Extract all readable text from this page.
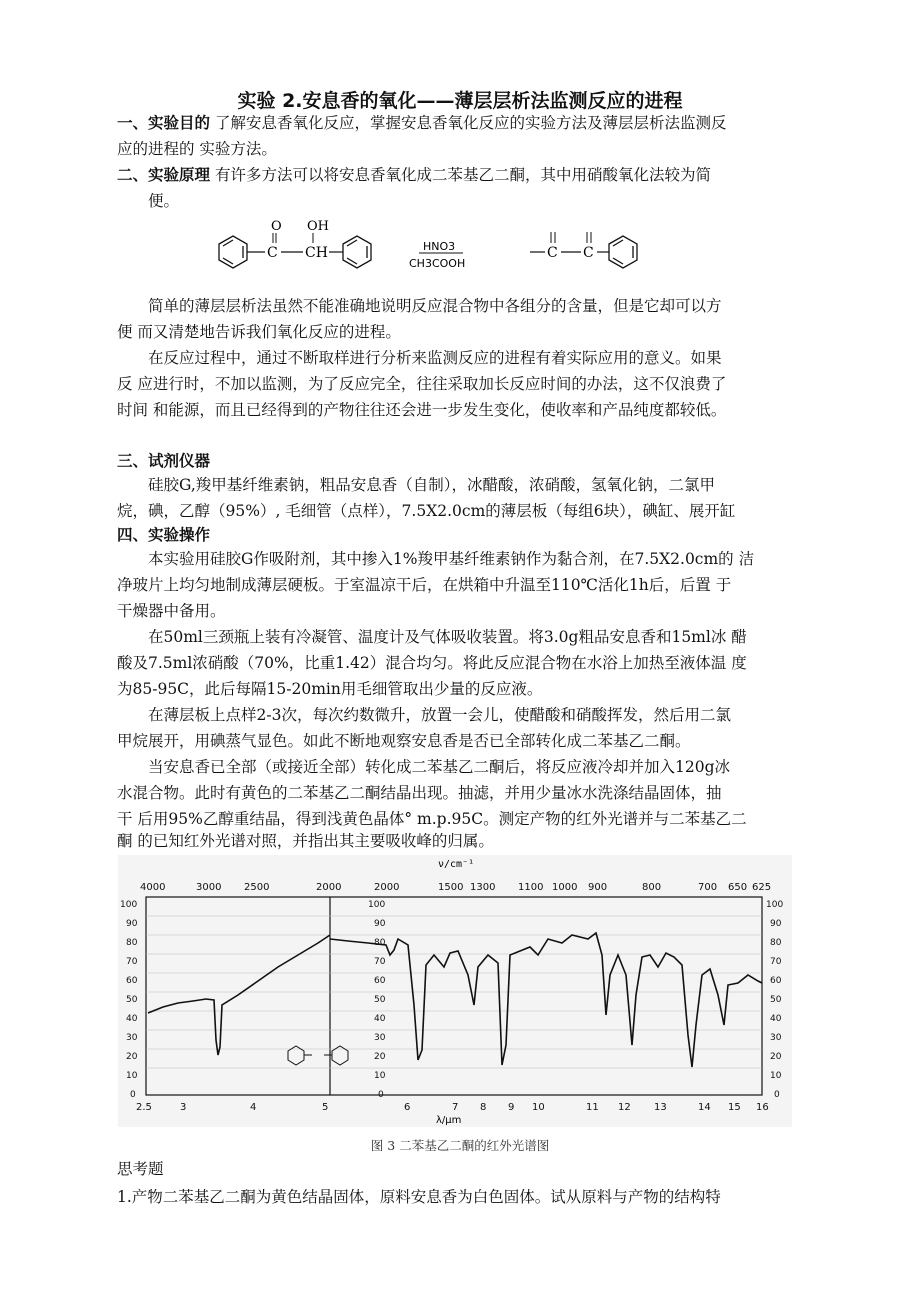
实验 2.安息香的氧化——薄层层析法监测反应的进程
一、实验目的 了解安息香氧化反应，掌握安息香氧化反应的实验方法及薄层层析法监测反
应的进程的 实验方法。
二、实验原理 有许多方法可以将安息香氧化成二苯基乙二酮，其中用硝酸氧化法较为简
便。
C
O
CH
OH
HNO3
CH3COOH
C C
简单的薄层层析法虽然不能准确地说明反应混合物中各组分的含量，但是它却可以方
便 而又清楚地告诉我们氧化反应的进程。
在反应过程中，通过不断取样进行分析来监测反应的进程有着实际应用的意义。如果
反 应进行时，不加以监测，为了反应完全，往往采取加长反应时间的办法，这不仅浪费了
时间 和能源，而且已经得到的产物往往还会进一步发生变化，使收率和产品纯度都较低。
三、试剂仪器
硅胶G,羧甲基纤维素钠，粗品安息香（自制），冰醋酸，浓硝酸，氢氧化钠，二氯甲
烷，碘，乙醇（95%）, 毛细管（点样），7.5X2.0cm的薄层板（每组6块），碘缸、展开缸
四、实验操作
本实验用硅胶G作吸附剂，其中掺入1%羧甲基纤维素钠作为黏合剂，在7.5X2.0cm的 洁
净玻片上均匀地制成薄层硬板。于室温凉干后，在烘箱中升温至110℃活化1h后，后置 于
干燥器中备用。
在50ml三颈瓶上装有冷凝管、温度计及气体吸收装置。将3.0g粗品安息香和15ml冰 醋
酸及7.5ml浓硝酸（70%，比重1.42）混合均匀。将此反应混合物在水浴上加热至液体温 度
为85-95C，此后每隔15-20min用毛细管取出少量的反应液。
在薄层板上点样2-3次，每次约数微升，放置一会儿，使醋酸和硝酸挥发，然后用二氯
甲烷展开，用碘蒸气显色。如此不断地观察安息香是否已全部转化成二苯基乙二酮。
当安息香已全部（或接近全部）转化成二苯基乙二酮后，将反应液冷却并加入120g冰
水混合物。此时有黄色的二苯基乙二酮结晶出现。抽滤，并用少量冰水洗涤结晶固体，抽
干 后用95%乙醇重结晶，得到浅黄色晶体° m.p.95C。测定产物的红外光谱并与二苯基乙二
酮 的已知红外光谱对照，并指出其主要吸收峰的归属。
ν/cm⁻¹
4000	3000 2500	2000	2000	1500 1300 1100 1000 900	800	700 650 625
100
90
80
70
60
50
40
30
20
10
0
100
90
80
70
60
50
40
30
20
10
0
100
90
80
70
60
50
40
30
20
10
0
2.5	3	4	5	6	7 8 9 10	11 12 13	14 15 16
λ/μm
图 3 二苯基乙二酮的红外光谱图
思考题
1.产物二苯基乙二酮为黄色结晶固体，原料安息香为白色固体。试从原料与产物的结构特
